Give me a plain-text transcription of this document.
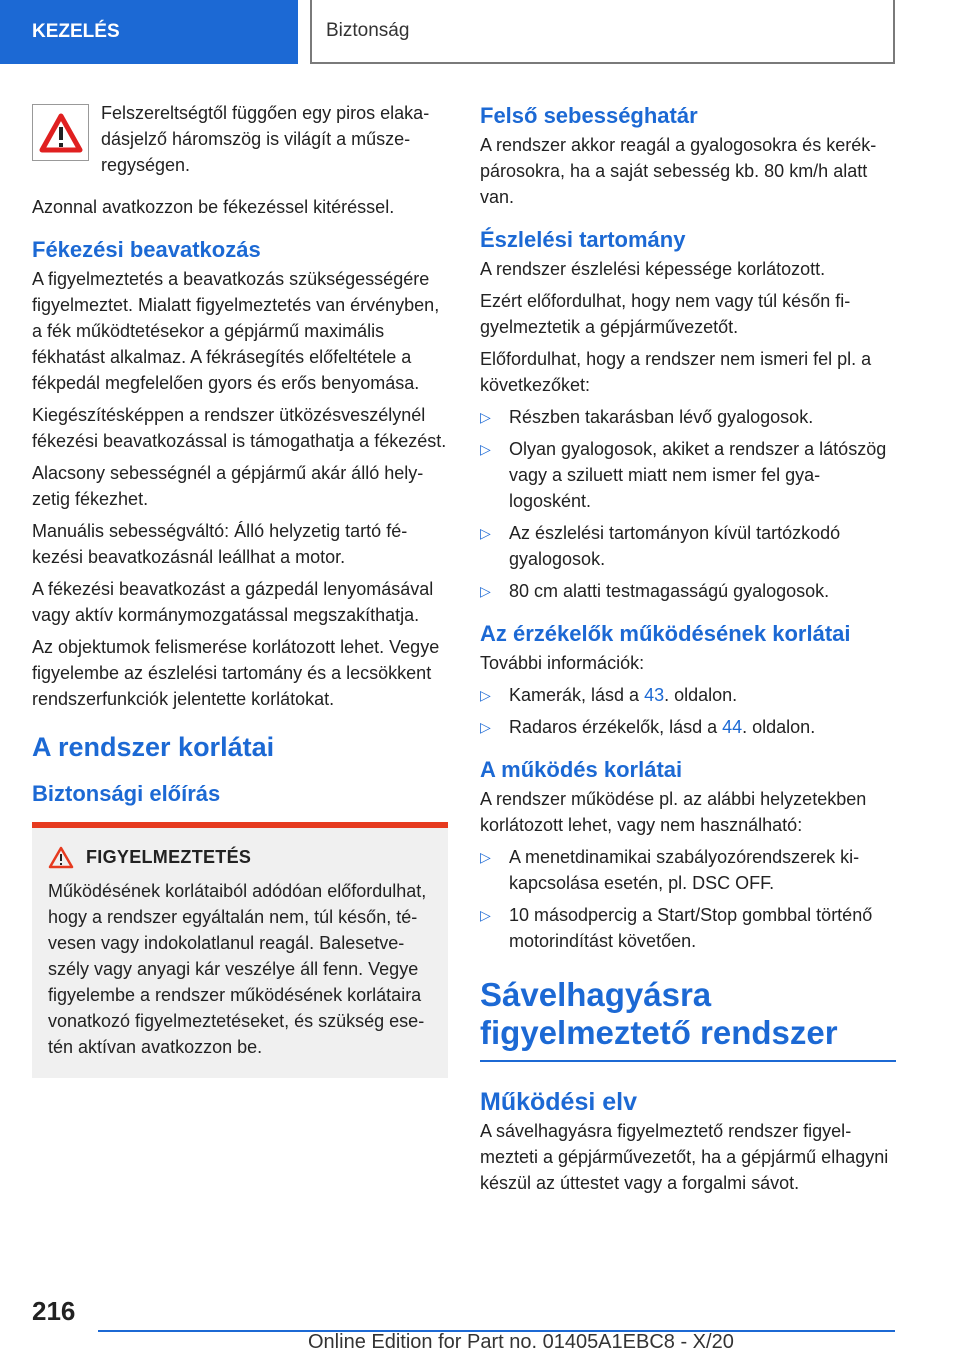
KEZELÉS	Biztonság
Felszereltségtől függően egy piros elakadásjelző háromszög is világít a műszeregységen.

Azonnal avatkozzon be fékezéssel kitéréssel.

Fékezési beavatkozás

A figyelmeztetés a beavatkozás szükségességére figyelmeztet. Mialatt figyelmeztetés van érvényben, a fék működtetésekor a gépjármű maximális fékhatást alkalmaz. A fékrásegítés előfeltétele a fékpedál megfelelően gyors és erős benyomása.

Kiegészítésképpen a rendszer ütközésveszélynél fékezési beavatkozással is támogathatja a fékezést.

Alacsony sebességnél a gépjármű akár álló helyzetig fékezhet.

Manuális sebességváltó: Álló helyzetig tartó fékezési beavatkozásnál leállhat a motor.

A fékezési beavatkozást a gázpedál lenyomásával vagy aktív kormánymozgatással megszakíthatja.

Az objektumok felismerése korlátozott lehet. Vegye figyelembe az észlelési tartomány és a lecsökkent rendszerfunkciók jelentette korlátokat.

A rendszer korlátai
Biztonsági előírás
FIGYELMEZTETÉS
Működésének korlátaiból adódóan előfordulhat, hogy a rendszer egyáltalán nem, túl későn, tévesen vagy indokolatlanul reagál. Balesetveszély vagy anyagi kár veszélye áll fenn. Vegye figyelembe a rendszer működésének korlátaira vonatkozó figyelmeztetéseket, és szükség esetén aktívan avatkozzon be.
Felső sebességhatár

A rendszer akkor reagál a gyalogosokra és kerékpárosokra, ha a saját sebesség kb. 80 km/h alatt van.

Észlelési tartomány

A rendszer észlelési képessége korlátozott.

Ezért előfordulhat, hogy nem vagy túl későn figyelmeztetik a gépjárművezetőt.

Előfordulhat, hogy a rendszer nem ismeri fel pl. a következőket:

▷ Részben takarásban lévő gyalogosok.
▷ Olyan gyalogosok, akiket a rendszer a látószög vagy a sziluett miatt nem ismer fel gyalogosként.
▷ Az észlelési tartományon kívül tartózkodó gyalogosok.
▷ 80 cm alatti testmagasságú gyalogosok.
Az érzékelők működésének korlátai

További információk:

▷ Kamerák, lásd a 43. oldalon.
▷ Radaros érzékelők, lásd a 44. oldalon.
A működés korlátai

A rendszer működése pl. az alábbi helyzetekben korlátozott lehet, vagy nem használható:

▷ A menetdinamikai szabályozórendszerek kikapcsolása esetén, pl. DSC OFF.
▷ 10 másodpercig a Start/Stop gombbal történő motorindítást követően.
Sávelhagyásra figyelmeztető rendszer
Működési elv

A sávelhagyásra figyelmeztető rendszer figyelmezteti a gépjárművezetőt, ha a gépjármű elhagyni készül az úttestet vagy a forgalmi sávot.

216
Online Edition for Part no. 01405A1EBC8 - X/20
